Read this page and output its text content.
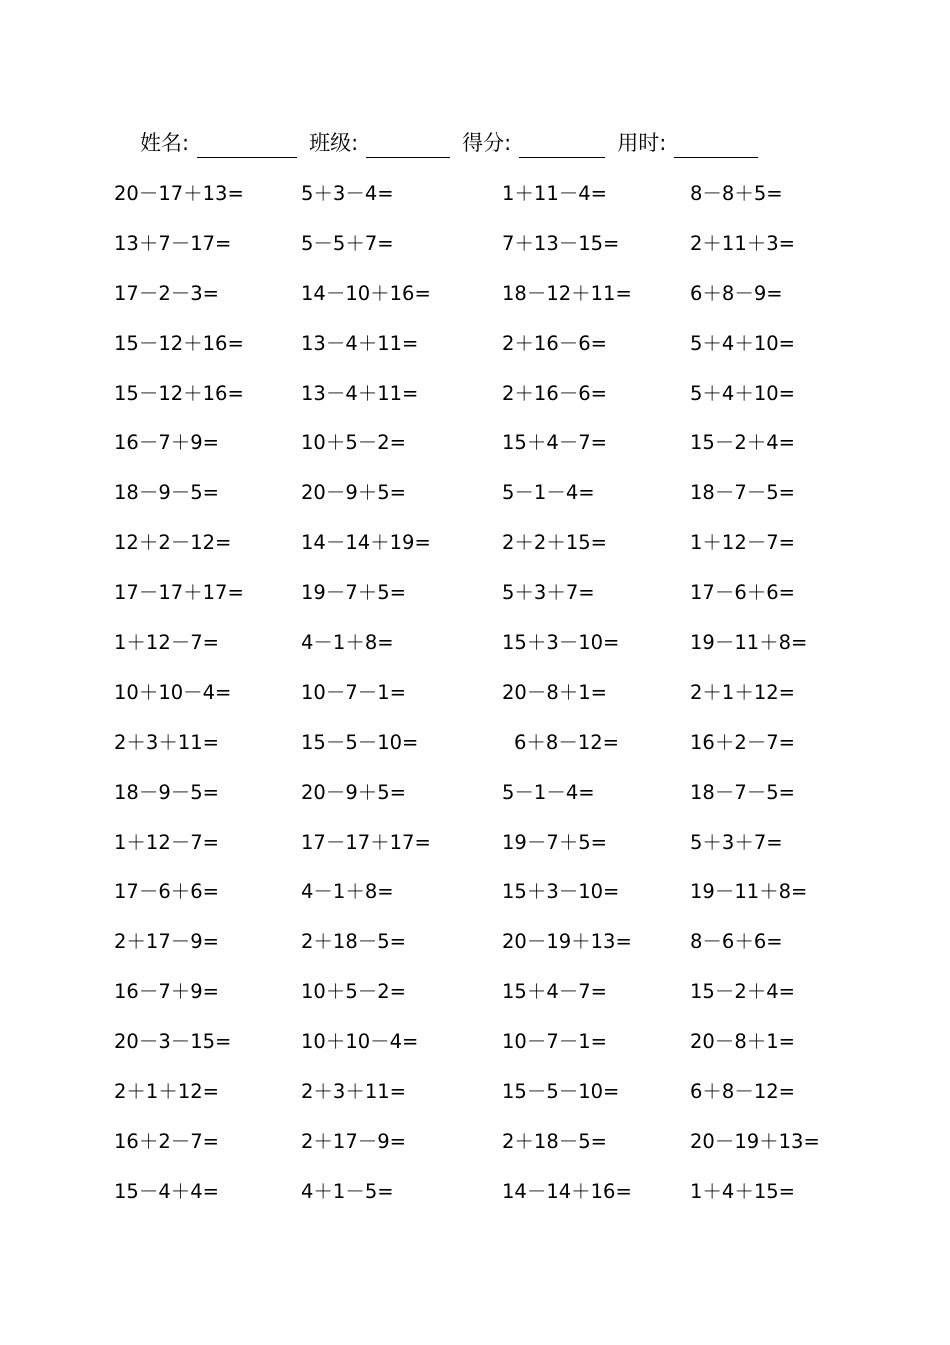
姓名:	班级:	得分:	用时:
20－17＋13=	5＋3－4=	1＋11－4=	8－8＋5=
13＋7－17=	5－5＋7=	7＋13－15=	2＋11＋3=
17－2－3=	14－10＋16=	18－12＋11=	6＋8－9=
15－12＋16=	13－4＋11=	2＋16－6=	5＋4＋10=
15－12＋16=	13－4＋11=	2＋16－6=	5＋4＋10=
16－7＋9=	10＋5－2=	15＋4－7=	15－2＋4=
18－9－5=	20－9＋5=	5－1－4=	18－7－5=
12＋2－12=	14－14＋19=	2＋2＋15=	1＋12－7=
17－17＋17=	19－7＋5=	5＋3＋7=	17－6＋6=
1＋12－7=	4－1＋8=	15＋3－10=	19－11＋8=
10＋10－4=	10－7－1=	20－8＋1=	2＋1＋12=
2＋3＋11=	15－5－10=	6＋8－12=	16＋2－7=
18－9－5=	20－9＋5=	5－1－4=	18－7－5=
1＋12－7=	17－17＋17=	19－7＋5=	5＋3＋7=
17－6＋6=	4－1＋8=	15＋3－10=	19－11＋8=
2＋17－9=	2＋18－5=	20－19＋13=	8－6＋6=
16－7＋9=	10＋5－2=	15＋4－7=	15－2＋4=
20－3－15=	10＋10－4=	10－7－1=	20－8＋1=
2＋1＋12=	2＋3＋11=	15－5－10=	6＋8－12=
16＋2－7=	2＋17－9=	2＋18－5=	20－19＋13=
15－4＋4=	4＋1－5=	14－14＋16=	1＋4＋15=
